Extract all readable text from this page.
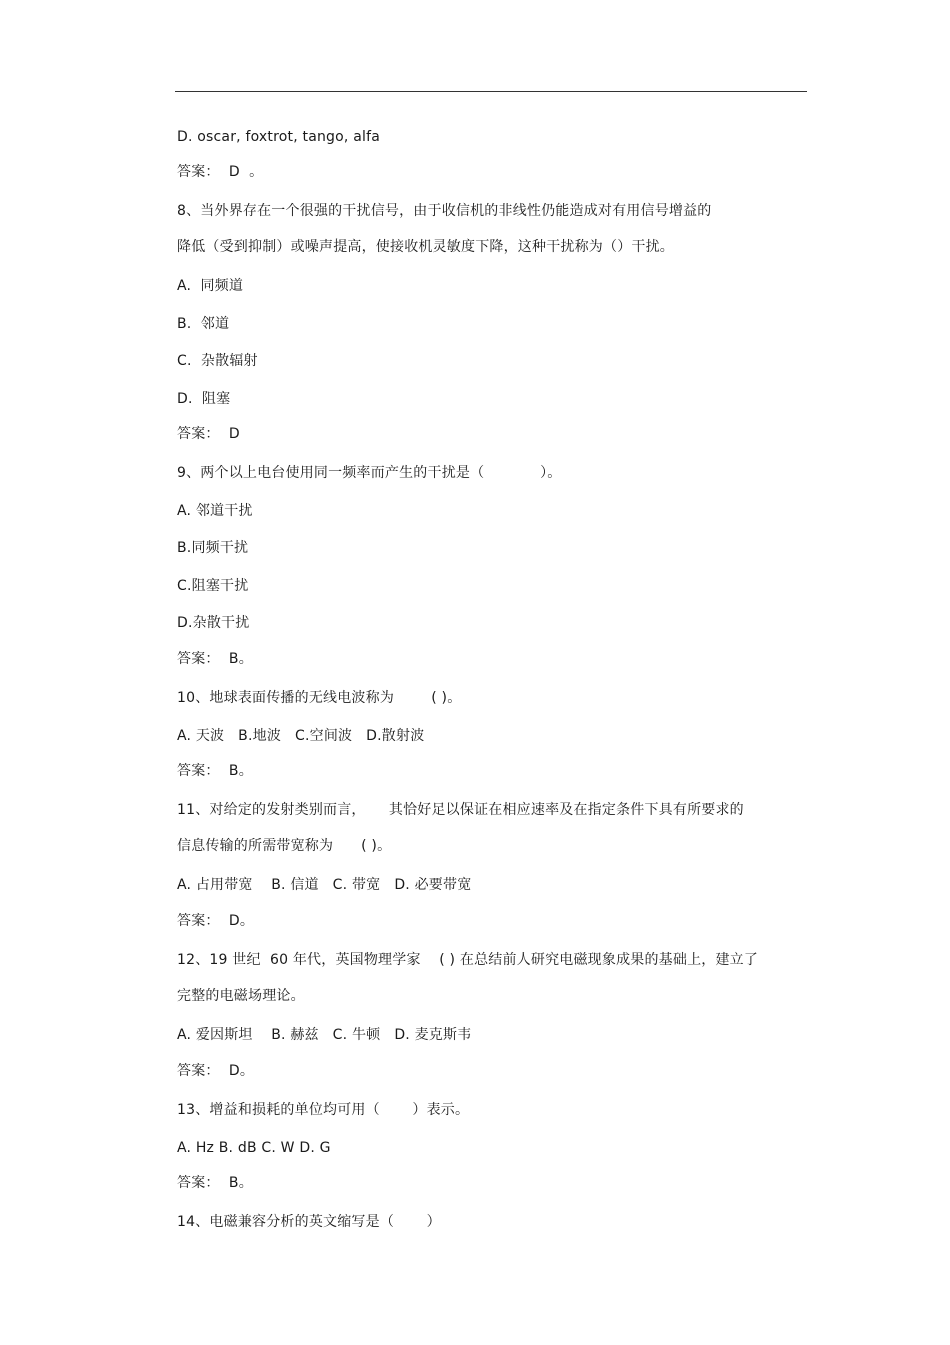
D. oscar, foxtrot, tango, alfa
答案：  D  。
8、当外界存在一个很强的干扰信号，由于收信机的非线性仍能造成对有用信号增益的
降低（受到抑制）或噪声提高，使接收机灵敏度下降，这种干扰称为（）干扰。
A.  同频道
B.  邻道
C.  杂散辐射
D.  阻塞
答案：  D
9、两个以上电台使用同一频率而产生的干扰是（            ）。
A. 邻道干扰
B.同频干扰
C.阻塞干扰
D.杂散干扰
答案：  B。
10、地球表面传播的无线电波称为        ( )。
A. 天波   B.地波   C.空间波   D.散射波
答案：  B。
11、对给定的发射类别而言，     其恰好足以保证在相应速率及在指定条件下具有所要求的
信息传输的所需带宽称为      ( )。
A. 占用带宽    B. 信道   C. 带宽   D. 必要带宽
答案：  D。
12、19 世纪  60 年代，英国物理学家    ( ) 在总结前人研究电磁现象成果的基础上，建立了
完整的电磁场理论。
A. 爱因斯坦    B. 赫兹   C. 牛顿   D. 麦克斯韦
答案：  D。
13、增益和损耗的单位均可用（       ）表示。
A. Hz B. dB C. W D. G
答案：  B。
14、电磁兼容分析的英文缩写是（       ）
